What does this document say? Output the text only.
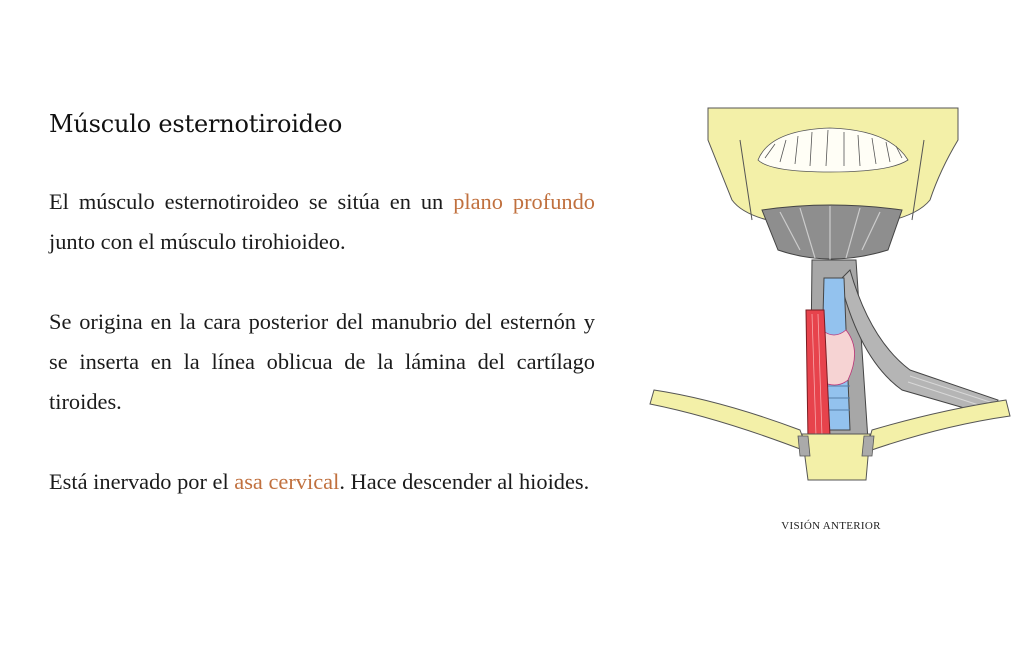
Músculo esternotiroideo

El músculo esternotiroideo se sitúa en un plano profundo junto con el músculo tirohioideo.

Se origina en la cara posterior del manubrio del esternón y se inserta en la línea oblicua de la lámina del cartílago tiroides.

Está inervado por el asa cervical. Hace descender al hioides.

VISIÓN ANTERIOR
